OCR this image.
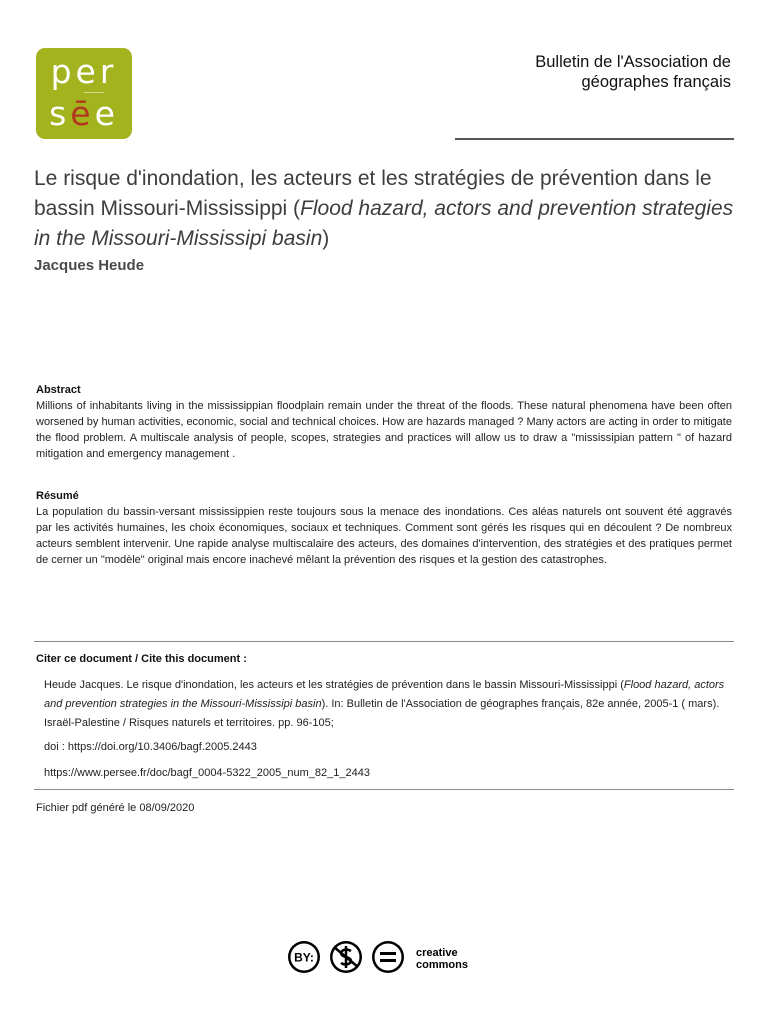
per
sēe
Bulletin de l'Association de
géographes français
Le risque d'inondation, les acteurs et les stratégies de prévention dans le bassin Missouri-Mississippi (Flood hazard, actors and prevention strategies in the Missouri-Mississipi basin)
Jacques Heude
Abstract

Millions of inhabitants living in the mississippian floodplain remain under the threat of the floods. These natural phenomena have been often worsened by human activities, economic, social and technical choices. How are hazards managed ? Many actors are acting in order to mitigate the flood problem. A multiscale analysis of people, scopes, strategies and practices will allow us to draw a "mississipian pattern " of hazard mitigation and emergency management .

Résumé

La population du bassin-versant mississippien reste toujours sous la menace des inondations. Ces aléas naturels ont souvent été aggravés par les activités humaines, les choix économiques, sociaux et techniques. Comment sont gérés les risques qui en découlent ? De nombreux acteurs semblent intervenir. Une rapide analyse multiscalaire des acteurs, des domaines d'intervention, des stratégies et des pratiques permet de cerner un "modèle" original mais encore inachevé mêlant la prévention des risques et la gestion des catastrophes.

Citer ce document / Cite this document :

Heude Jacques. Le risque d'inondation, les acteurs et les stratégies de prévention dans le bassin Missouri-Mississippi (Flood hazard, actors and prevention strategies in the Missouri-Mississipi basin). In: Bulletin de l'Association de géographes français, 82e année, 2005-1 ( mars). Israël-Palestine / Risques naturels et territoires. pp. 96-105;

doi : https://doi.org/10.3406/bagf.2005.2443
https://www.persee.fr/doc/bagf_0004-5322_2005_num_82_1_2443
Fichier pdf généré le 08/09/2020
BY:	creative
commons
